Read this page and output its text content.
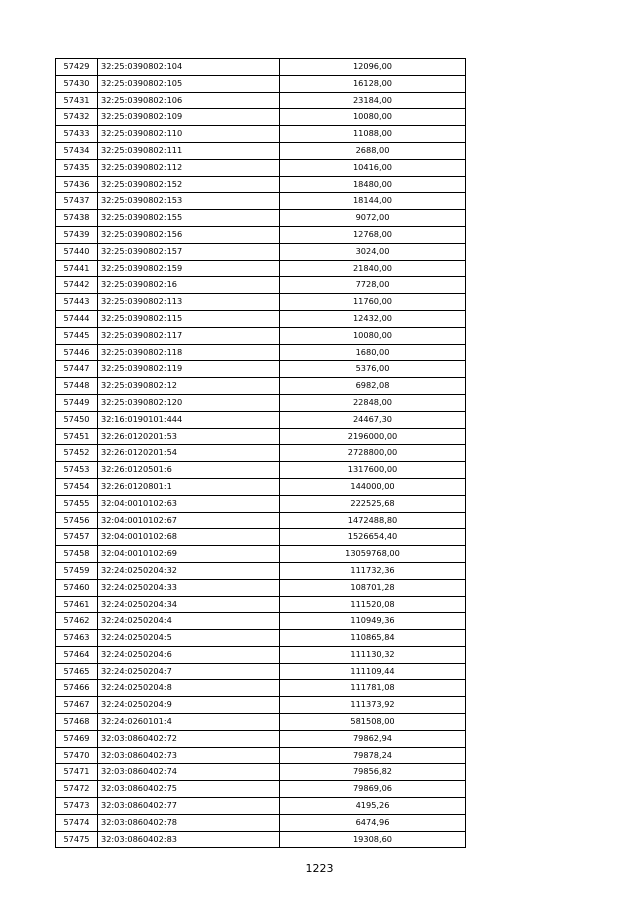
57429	32:25:0390802:104	12096,00
57430	32:25:0390802:105	16128,00
57431	32:25:0390802:106	23184,00
57432	32:25:0390802:109	10080,00
57433	32:25:0390802:110	11088,00
57434	32:25:0390802:111	2688,00
57435	32:25:0390802:112	10416,00
57436	32:25:0390802:152	18480,00
57437	32:25:0390802:153	18144,00
57438	32:25:0390802:155	9072,00
57439	32:25:0390802:156	12768,00
57440	32:25:0390802:157	3024,00
57441	32:25:0390802:159	21840,00
57442	32:25:0390802:16	7728,00
57443	32:25:0390802:113	11760,00
57444	32:25:0390802:115	12432,00
57445	32:25:0390802:117	10080,00
57446	32:25:0390802:118	1680,00
57447	32:25:0390802:119	5376,00
57448	32:25:0390802:12	6982,08
57449	32:25:0390802:120	22848,00
57450	32:16:0190101:444	24467,30
57451	32:26:0120201:53	2196000,00
57452	32:26:0120201:54	2728800,00
57453	32:26:0120501:6	1317600,00
57454	32:26:0120801:1	144000,00
57455	32:04:0010102:63	222525,68
57456	32:04:0010102:67	1472488,80
57457	32:04:0010102:68	1526654,40
57458	32:04:0010102:69	13059768,00
57459	32:24:0250204:32	111732,36
57460	32:24:0250204:33	108701,28
57461	32:24:0250204:34	111520,08
57462	32:24:0250204:4	110949,36
57463	32:24:0250204:5	110865,84
57464	32:24:0250204:6	111130,32
57465	32:24:0250204:7	111109,44
57466	32:24:0250204:8	111781,08
57467	32:24:0250204:9	111373,92
57468	32:24:0260101:4	581508,00
57469	32:03:0860402:72	79862,94
57470	32:03:0860402:73	79878,24
57471	32:03:0860402:74	79856,82
57472	32:03:0860402:75	79869,06
57473	32:03:0860402:77	4195,26
57474	32:03:0860402:78	6474,96
57475	32:03:0860402:83	19308,60
1223
